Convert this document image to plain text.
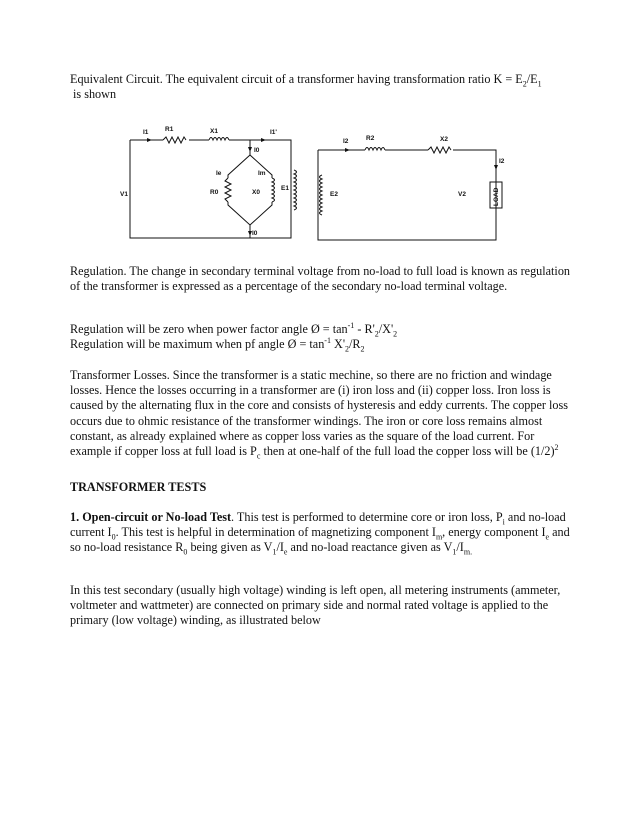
Equivalent Circuit. The equivalent circuit of a transformer having transformation ratio $K = E_2/E_1$

is shown

I1	R1	X1	I1'
I0
Im
Ie
R0	X0
E1
V1
I0
I2	R2	X2
I2
E2	V2	LOAD

Regulation. The change in secondary terminal voltage from no-load to full load is known as regulation of the transformer is expressed as a percentage of the secondary no-load terminal voltage.

Regulation will be zero when power factor angle Ø = $\tan^{-1} - R'_2/X'_2$

Regulation will be maximum when pf angle Ø = $\tan^{-1} X'_2/R_2$

Transformer Losses. Since the transformer is a static mechine, so there are no friction and windage losses. Hence the losses occurring in a transformer are (i) iron loss and (ii) copper loss. Iron loss is caused by the alternating flux in the core and consists of hysteresis and eddy currents. The copper loss occurs due to ohmic resistance of the transformer windings. The iron or core loss remains almost constant, as already explained where as copper loss varies as the square of the load current. For example if copper loss at full load is $P_c$ then at one-half of the full load the copper loss will be $(1/2)^2$

TRANSFORMER TESTS

1. Open-circuit or No-load Test. This test is performed to determine core or iron loss, $P_i$ and no-load current $I_0$. This test is helpful in determination of magnetizing component $I_m$, energy component $I_e$ and so no-load resistance $R_0$ being given as $V_1/I_e$ and no-load reactance given as $V_1/I_{m.}$

In this test secondary (usually high voltage) winding is left open, all metering instruments (ammeter, voltmeter and wattmeter) are connected on primary side and normal rated voltage is applied to the primary (low voltage) winding, as illustrated below
